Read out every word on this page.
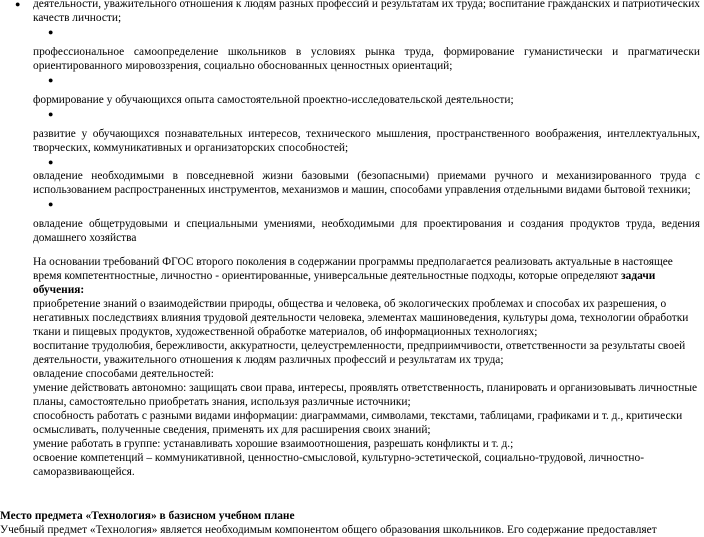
● деятельности, уважительного отношения к людям разных профессий и результатам их труда; воспитание гражданских и патриотических качеств личности;
●
профессиональное самоопределение школьников в условиях рынка труда, формирование гуманистически и прагматически ориентированного мировоззрения, социально обоснованных ценностных ориентаций;
●
формирование у обучающихся опыта самостоятельной проектно-исследовательской деятельности;
●
развитие у обучающихся познавательных интересов, технического мышления, пространственного воображения, интеллектуальных, творческих, коммуникативных и организаторских способностей;
●
овладение необходимыми в повседневной жизни базовыми (безопасными) приемами ручного и механизированного труда с использованием распространенных инструментов, механизмов и машин, способами управления отдельными видами бытовой техники;
●
овладение общетрудовыми и специальными умениями, необходимыми для проектирования и создания продуктов труда, ведения домашнего хозяйства

На основании требований ФГОС второго поколения в содержании программы предполагается реализовать актуальные в настоящее время компетентностные, личностно - ориентированные, универсальные деятельностные подходы, которые определяют задачи обучения:

приобретение знаний о взаимодействии природы, общества и человека, об экологических проблемах и способах их разрешения, о негативных последствиях влияния трудовой деятельности человека, элементах машиноведения, культуры дома, технологии обработки ткани и пищевых продуктов, художественной обработке материалов, об информационных технологиях;

воспитание трудолюбия, бережливости, аккуратности, целеустремленности, предприимчивости, ответственности за результаты своей деятельности, уважительного отношения к людям различных профессий и результатам их труда;

овладение способами деятельностей:

умение действовать автономно: защищать свои права, интересы, проявлять ответственность, планировать и организовывать личностные планы, самостоятельно приобретать знания, используя различные источники;

способность работать с разными видами информации: диаграммами, символами, текстами, таблицами, графиками и т. д., критически осмысливать, полученные сведения, применять их для расширения своих знаний;

умение работать в группе: устанавливать хорошие взаимоотношения, разрешать конфликты и т. д.;

освоение компетенций – коммуникативной, ценностно-смысловой, культурно-эстетической, социально-трудовой, личностно-саморазвивающейся.

Место предмета «Технология» в базисном учебном плане

Учебный предмет «Технология» является необходимым компонентом общего образования школьников. Его содержание предоставляет
